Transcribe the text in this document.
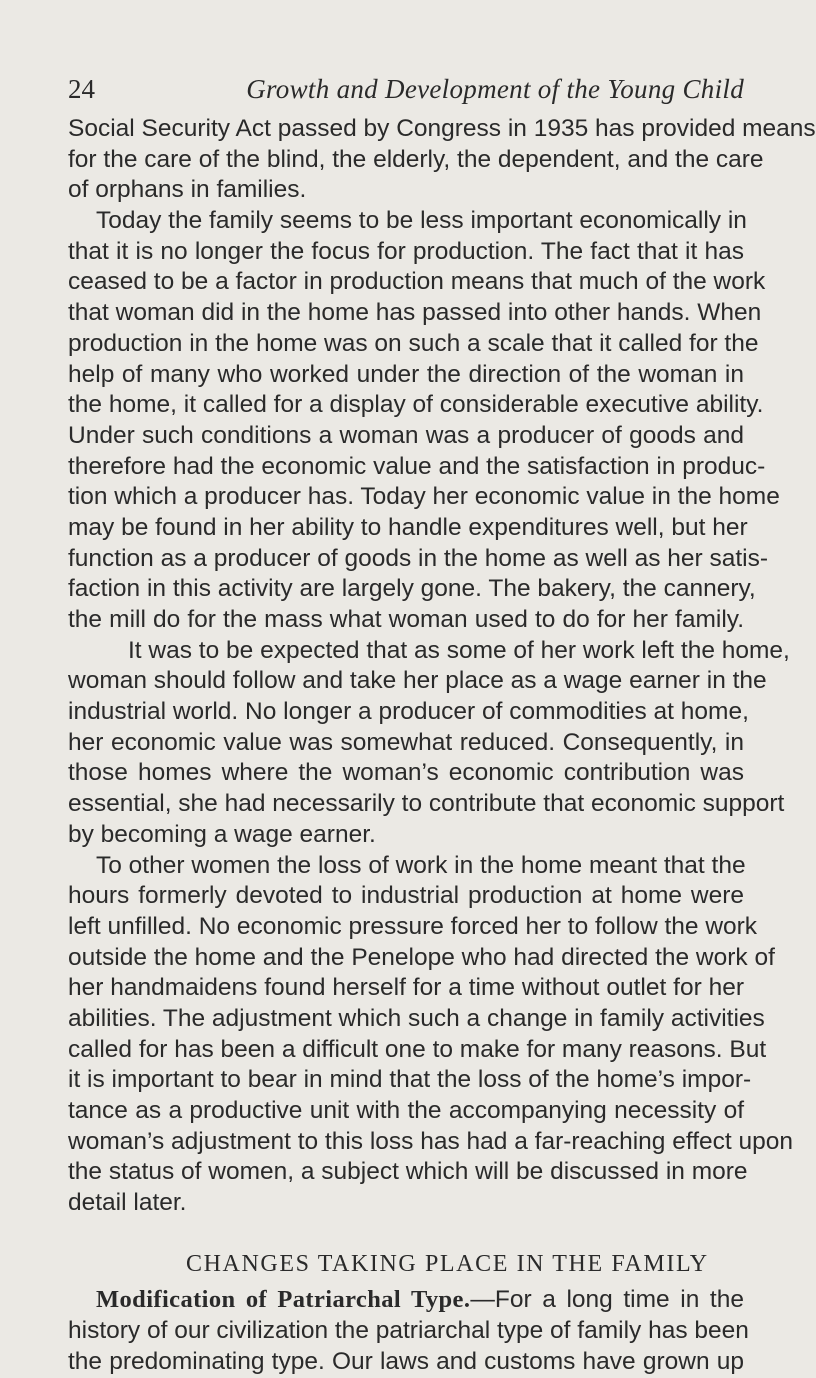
24	Growth and Development of the Young Child
Social Security Act passed by Congress in 1935 has provided means
for the care of the blind, the elderly, the dependent, and the care
of orphans in families.
Today the family seems to be less important economically in
that it is no longer the focus for production. The fact that it has
ceased to be a factor in production means that much of the work
that woman did in the home has passed into other hands. When
production in the home was on such a scale that it called for the
help of many who worked under the direction of the woman in
the home, it called for a display of considerable executive ability.
Under such conditions a woman was a producer of goods and
therefore had the economic value and the satisfaction in produc-
tion which a producer has. Today her economic value in the home
may be found in her ability to handle expenditures well, but her
function as a producer of goods in the home as well as her satis-
faction in this activity are largely gone. The bakery, the cannery,
the mill do for the mass what woman used to do for her family.
It was to be expected that as some of her work left the home,
woman should follow and take her place as a wage earner in the
industrial world. No longer a producer of commodities at home,
her economic value was somewhat reduced. Consequently, in
those homes where the woman’s economic contribution was
essential, she had necessarily to contribute that economic support
by becoming a wage earner.
To other women the loss of work in the home meant that the
hours formerly devoted to industrial production at home were
left unfilled. No economic pressure forced her to follow the work
outside the home and the Penelope who had directed the work of
her handmaidens found herself for a time without outlet for her
abilities. The adjustment which such a change in family activities
called for has been a difficult one to make for many reasons. But
it is important to bear in mind that the loss of the home’s impor-
tance as a productive unit with the accompanying necessity of
woman’s adjustment to this loss has had a far-reaching effect upon
the status of women, a subject which will be discussed in more
detail later.
CHANGES TAKING PLACE IN THE FAMILY
Modification of Patriarchal Type.—For a long time in the
history of our civilization the patriarchal type of family has been
the predominating type. Our laws and customs have grown up
